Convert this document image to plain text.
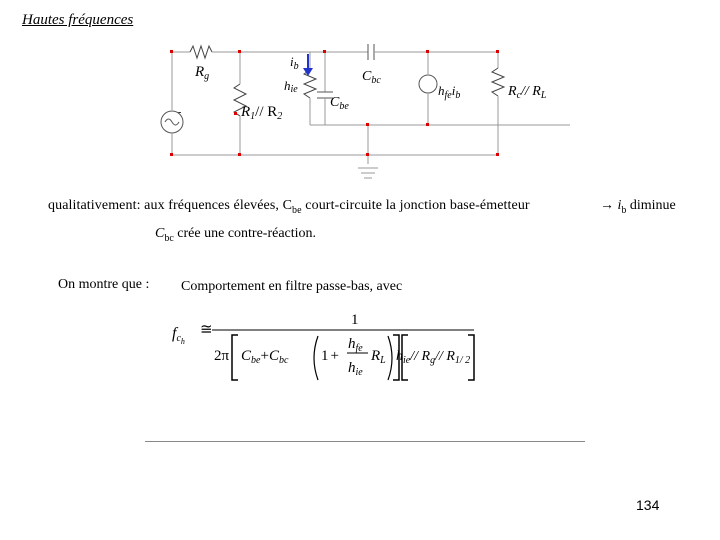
Hautes fréquences
$R_g$
$i_b$
hie
$R_1//$ $R_2$
$C_{be}$
$C_{bc}$
$h_{fe}i_b$	$R_c//$ $R_L$
-
qualitativement: aux fréquences élevées, $C_{be}$ court-circuite la jonction base-émetteur	→ $i_b$ diminue
$C_{bc}$ crée une contre-réaction.
On montre que : Comportement en filtre passe-bas, avec
fch
≅
1
2π $C_{be}+C_{bc}$ 1 +
$h_{fe}$
$h_{ie}$
$R_L$ $h_{ie}//$ $R_g//$ $R_{1/ 2}$
134
